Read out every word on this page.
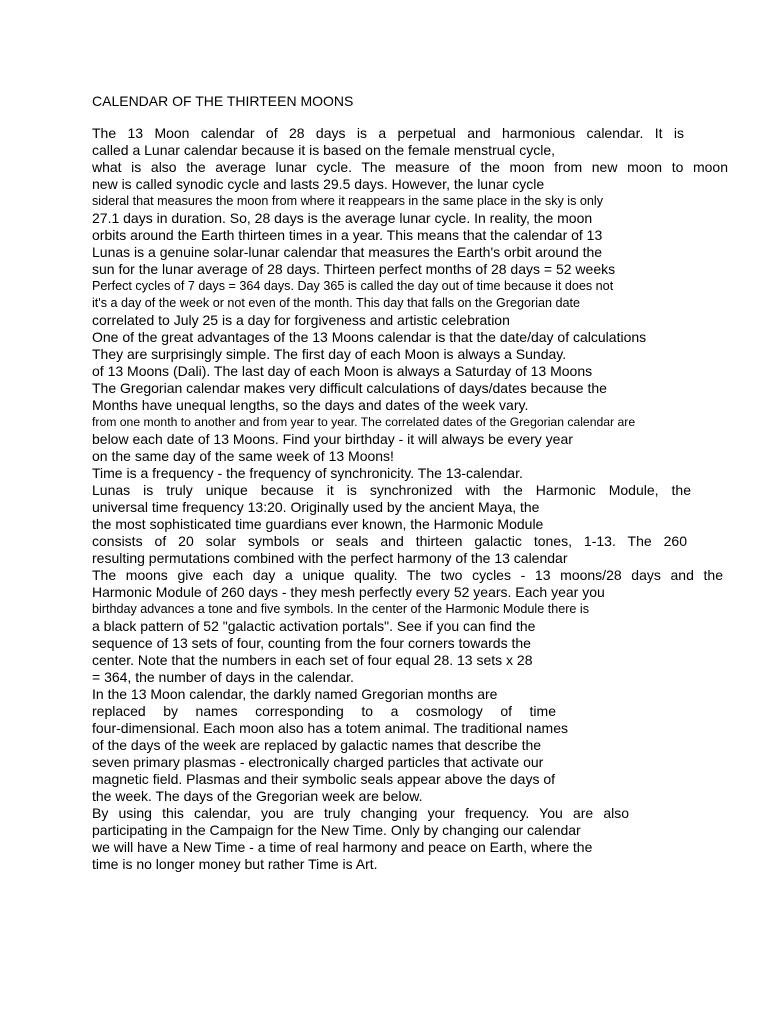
CALENDAR OF THE THIRTEEN MOONS
The 13 Moon calendar of 28 days is a perpetual and harmonious calendar. It is
called a Lunar calendar because it is based on the female menstrual cycle,
what is also the average lunar cycle. The measure of the moon from new moon to moon
new is called synodic cycle and lasts 29.5 days. However, the lunar cycle
sideral that measures the moon from where it reappears in the same place in the sky is only
27.1 days in duration. So, 28 days is the average lunar cycle. In reality, the moon
orbits around the Earth thirteen times in a year. This means that the calendar of 13
Lunas is a genuine solar-lunar calendar that measures the Earth's orbit around the
sun for the lunar average of 28 days. Thirteen perfect months of 28 days = 52 weeks
Perfect cycles of 7 days = 364 days. Day 365 is called the day out of time because it does not
it's a day of the week or not even of the month. This day that falls on the Gregorian date
correlated to July 25 is a day for forgiveness and artistic celebration
One of the great advantages of the 13 Moons calendar is that the date/day of calculations
They are surprisingly simple. The first day of each Moon is always a Sunday.
of 13 Moons (Dali). The last day of each Moon is always a Saturday of 13 Moons
The Gregorian calendar makes very difficult calculations of days/dates because the
Months have unequal lengths, so the days and dates of the week vary.
from one month to another and from year to year. The correlated dates of the Gregorian calendar are
below each date of 13 Moons. Find your birthday - it will always be every year
on the same day of the same week of 13 Moons!
Time is a frequency - the frequency of synchronicity. The 13-calendar.
Lunas is truly unique because it is synchronized with the Harmonic Module, the
universal time frequency 13:20. Originally used by the ancient Maya, the
the most sophisticated time guardians ever known, the Harmonic Module
consists of 20 solar symbols or seals and thirteen galactic tones, 1-13. The 260
resulting permutations combined with the perfect harmony of the 13 calendar
The moons give each day a unique quality. The two cycles - 13 moons/28 days and the
Harmonic Module of 260 days - they mesh perfectly every 52 years. Each year you
birthday advances a tone and five symbols. In the center of the Harmonic Module there is
a black pattern of 52 "galactic activation portals". See if you can find the
sequence of 13 sets of four, counting from the four corners towards the
center. Note that the numbers in each set of four equal 28. 13 sets x 28
= 364, the number of days in the calendar.
In the 13 Moon calendar, the darkly named Gregorian months are
replaced by names corresponding to a cosmology of time
four-dimensional. Each moon also has a totem animal. The traditional names
of the days of the week are replaced by galactic names that describe the
seven primary plasmas - electronically charged particles that activate our
magnetic field. Plasmas and their symbolic seals appear above the days of
the week. The days of the Gregorian week are below.
By using this calendar, you are truly changing your frequency. You are also
participating in the Campaign for the New Time. Only by changing our calendar
we will have a New Time - a time of real harmony and peace on Earth, where the
time is no longer money but rather Time is Art.
